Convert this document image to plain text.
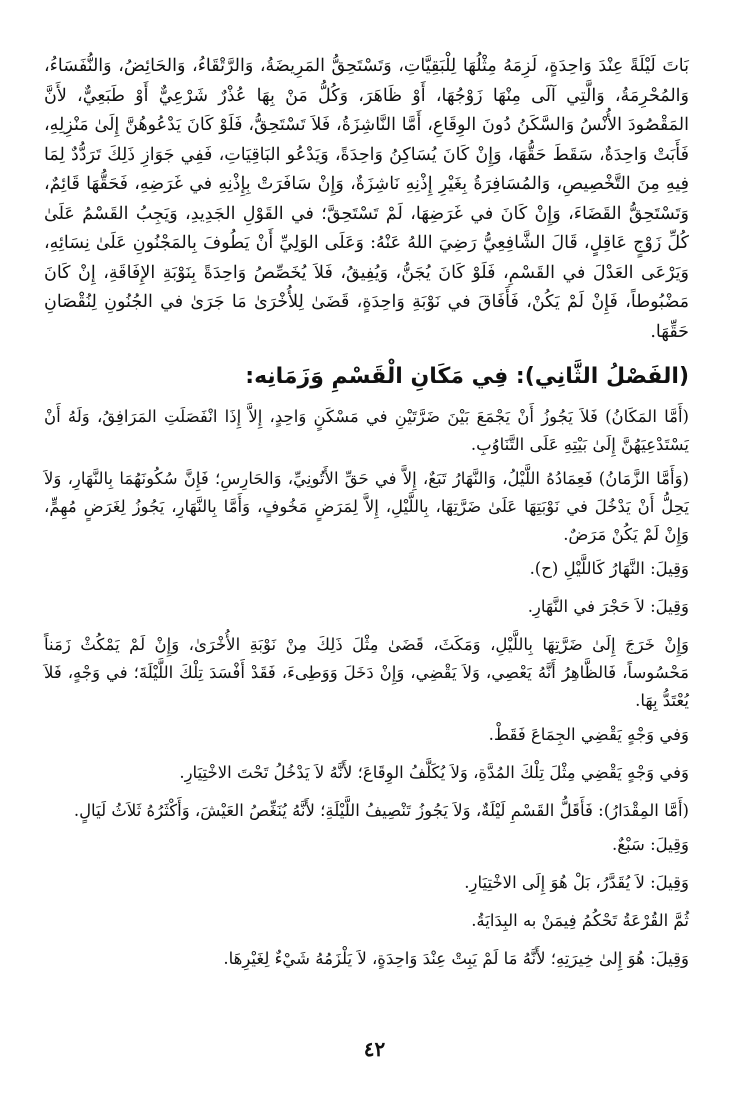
بَاتَ لَيْلَةً عِنْدَ وَاحِدَةٍ، لَزِمَهُ مِثْلُهَا لِلْبَقِيَّاتِ، وَتَسْتَحِقُّ المَرِيضَةُ، وَالرَّتْقَاءُ، وَالحَائِضُ، وَالنُّفَسَاءُ، وَالمُحْرِمَةُ، وَالَّتِي آلَى مِنْهَا زَوْجُهَا، أَوْ ظَاهَرَ، وَكُلُّ مَنْ بِهَا عُذْرٌ شَرْعِيٌّ أَوْ طَبَعِيٌّ، لأَنَّ المَقْصُودَ الأُنْسُ وَالسَّكَنُ دُونَ الوِقَاعِ، أَمَّا النَّاشِزَةُ، فَلاَ تَسْتَحِقُّ، فَلَوْ كَانَ يَدْعُوهُنَّ إِلَىٰ مَنْزِلِهِ، فَأَبَتْ وَاحِدَةٌ، سَقَطَ حَقُّهَا، وَإِنْ كَانَ يُسَاكِنُ وَاحِدَةً، وَيَدْعُو البَاقِيَاتِ، فَفِي جَوَازِ ذَلِكَ تَرَدُّدٌ لِمَا فِيهِ مِنَ التَّخْصِيصِ، وَالمُسَافِرَةُ بِغَيْرِ إِذْنِهِ نَاشِزَةٌ، وَإِنْ سَافَرَتْ بِإِذْنِهِ في غَرَضِهِ، فَحَقُّهَا قَائِمٌ، وَتَسْتَحِقُّ القَضَاءَ، وَإِنْ كَانَ في غَرَضِهَا، لَمْ تَسْتَحِقَّ؛ في القَوْلِ الجَدِيدِ، وَيَجِبُ القَسْمُ عَلَىٰ كُلِّ زَوْجٍ عَاقِلٍ، قَالَ الشَّافِعِيُّ رَضِيَ اللهُ عَنْهُ: وَعَلَى الوَلِيِّ أَنْ يَطُوفَ بِالمَجْنُونِ عَلَىٰ نِسَائِهِ، وَيَرْعَى العَدْلَ في القَسْمِ، فَلَوْ كَانَ يُجَنُّ، وَيُفِيقُ، فَلاَ يُخَصِّصُ وَاحِدَةً بِنَوْبَةِ الإِفَاقَةِ، إِنْ كَانَ مَضْبُوطاً، فَإِنْ لَمْ يَكُنْ، فَأَفَاقَ في نَوْبَةِ وَاحِدَةٍ، قَضَىٰ لِلأُخْرَىٰ مَا جَرَىٰ في الجُنُونِ لِنُقْصَانِ حَقِّهَا.
(الفَصْلُ الثَّانِي): فِي مَكَانِ الْقَسْمِ وَزَمَانِه:
(أَمَّا المَكَانُ) فَلاَ يَجُوزُ أَنْ يَجْمَعَ بَيْنَ ضَرَّتَيْنِ في مَسْكَنٍ وَاحِدٍ، إِلاَّ إِذَا انْفَصَلَتِ المَرَافِقُ، وَلَهُ أَنْ يَسْتَدْعِيَهُنَّ إِلَىٰ بَيْتِهِ عَلَى التَّنَاوُبِ.
(وَأَمَّا الزَّمَانُ) فَعِمَادُهُ اللَّيْلُ، وَالنَّهَارُ تَبَعٌ، إِلاَّ في حَقِّ الأَتُونِيِّ، وَالحَارِسِ؛ فَإِنَّ سُكُونَهُمَا بِالنَّهَارِ، وَلاَ يَحِلُّ أَنْ يَدْخُلَ في نَوْبَتِهَا عَلَىٰ ضَرَّتِهَا، بِاللَّيْلِ، إِلاَّ لِمَرَضٍ مَخُوفٍ، وَأَمَّا بِالنَّهَارِ، يَجُوزُ لِغَرَضٍ مُهِمٍّ، وَإِنْ لَمْ يَكُنْ مَرَضٌ.
وَقِيلَ: النَّهَارُ كَاللَّيْلِ (ح).
وَقِيلَ: لاَ حَجْرَ في النَّهَارِ.
وَإِنْ خَرَجَ إِلَىٰ ضَرَّتِهَا بِاللَّيْلِ، وَمَكَثَ، قَضَىٰ مِثْلَ ذَلِكَ مِنْ نَوْبَةِ الأُخْرَىٰ، وَإِنْ لَمْ يَمْكُثْ زَمَناً مَحْسُوساً، فَالظَّاهِرُ أَنَّهُ يَعْصِي، وَلاَ يَقْضِي، وَإِنْ دَخَلَ وَوَطِىءَ، فَقَدْ أَفْسَدَ تِلْكَ اللَّيْلَةَ؛ في وَجْهٍ، فَلاَ يُعْتَدُّ بِهَا.
وَفي وَجْهٍ يَقْضِي الجِمَاعَ فَقَطْ.
وَفي وَجْهٍ يَقْضِي مِثْلَ تِلْكَ المُدَّةِ، وَلاَ يُكَلَّفُ الوِقَاعَ؛ لأَنَّهُ لاَ يَدْخُلُ تَحْتَ الاخْتِيَارِ.
(أَمَّا المِقْدَارُ): فَأَقَلُّ القَسْمِ لَيْلَةٌ، وَلاَ يَجُوزُ تَنْصِيفُ اللَّيْلَةِ؛ لأَنَّهُ يُنَغِّصُ العَيْشَ، وَأَكْثَرُهُ ثَلاَثُ لَيَالٍ.
وَقِيلَ: سَبْعٌ.
وَقِيلَ: لاَ يُقَدَّرُ، بَلْ هُوَ إِلَى الاخْتِيَارِ.
ثُمَّ القُرْعَةُ تَحْكُمُ فِيمَنْ به البِدَايَةُ.
وَقِيلَ: هُوَ إِلىٰ خِيرَتِهِ؛ لأَنَّهُ مَا لَمْ يَبِتْ عِنْدَ وَاحِدَةٍ، لاَ يَلْزَمُهُ شَيْءٌ لِغَيْرِهَا.
٤٢
